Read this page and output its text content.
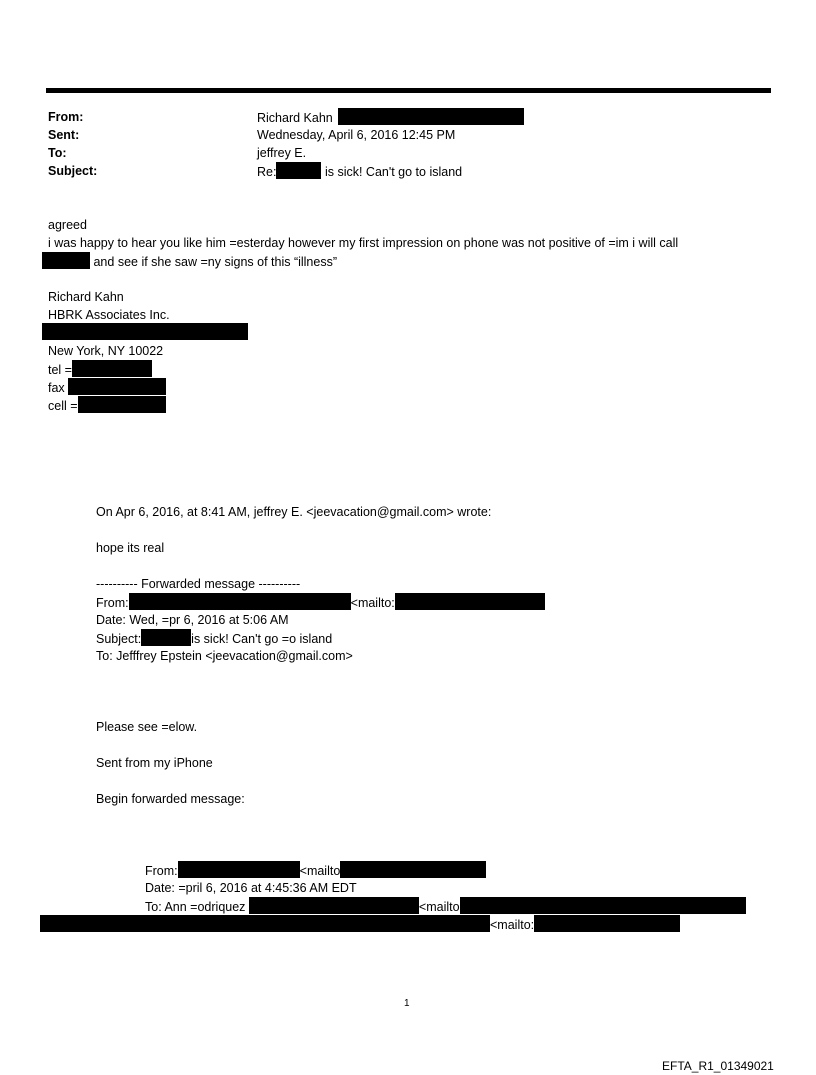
From:	Richard Kahn
Sent:	Wednesday, April 6, 2016 12:45 PM
To:	jeffrey E.
Subject:	Re:	is sick! Can't go to island
agreed
i was happy to hear you like him =esterday however my first impression on phone was not positive of =im i will call
and see if she saw =ny signs of this “illness”
Richard Kahn
HBRK Associates Inc.
New York, NY 10022
tel =
fax
cell =
On Apr 6, 2016, at 8:41 AM, jeffrey E. <jeevacation@gmail.com> wrote:
hope its real
---------- Forwarded message ----------
From:	<mailto:
Date: Wed, =pr 6, 2016 at 5:06 AM
Subject:	is sick! Can't go =o island
To: Jefffrey Epstein <jeevacation@gmail.com>
Please see =elow.
Sent from my iPhone
Begin forwarded message:
From:	<mailto
Date: =pril 6, 2016 at 4:45:36 AM EDT
To: Ann =odriquez	<mailto
<mailto:
1
EFTA_R1_01349021
